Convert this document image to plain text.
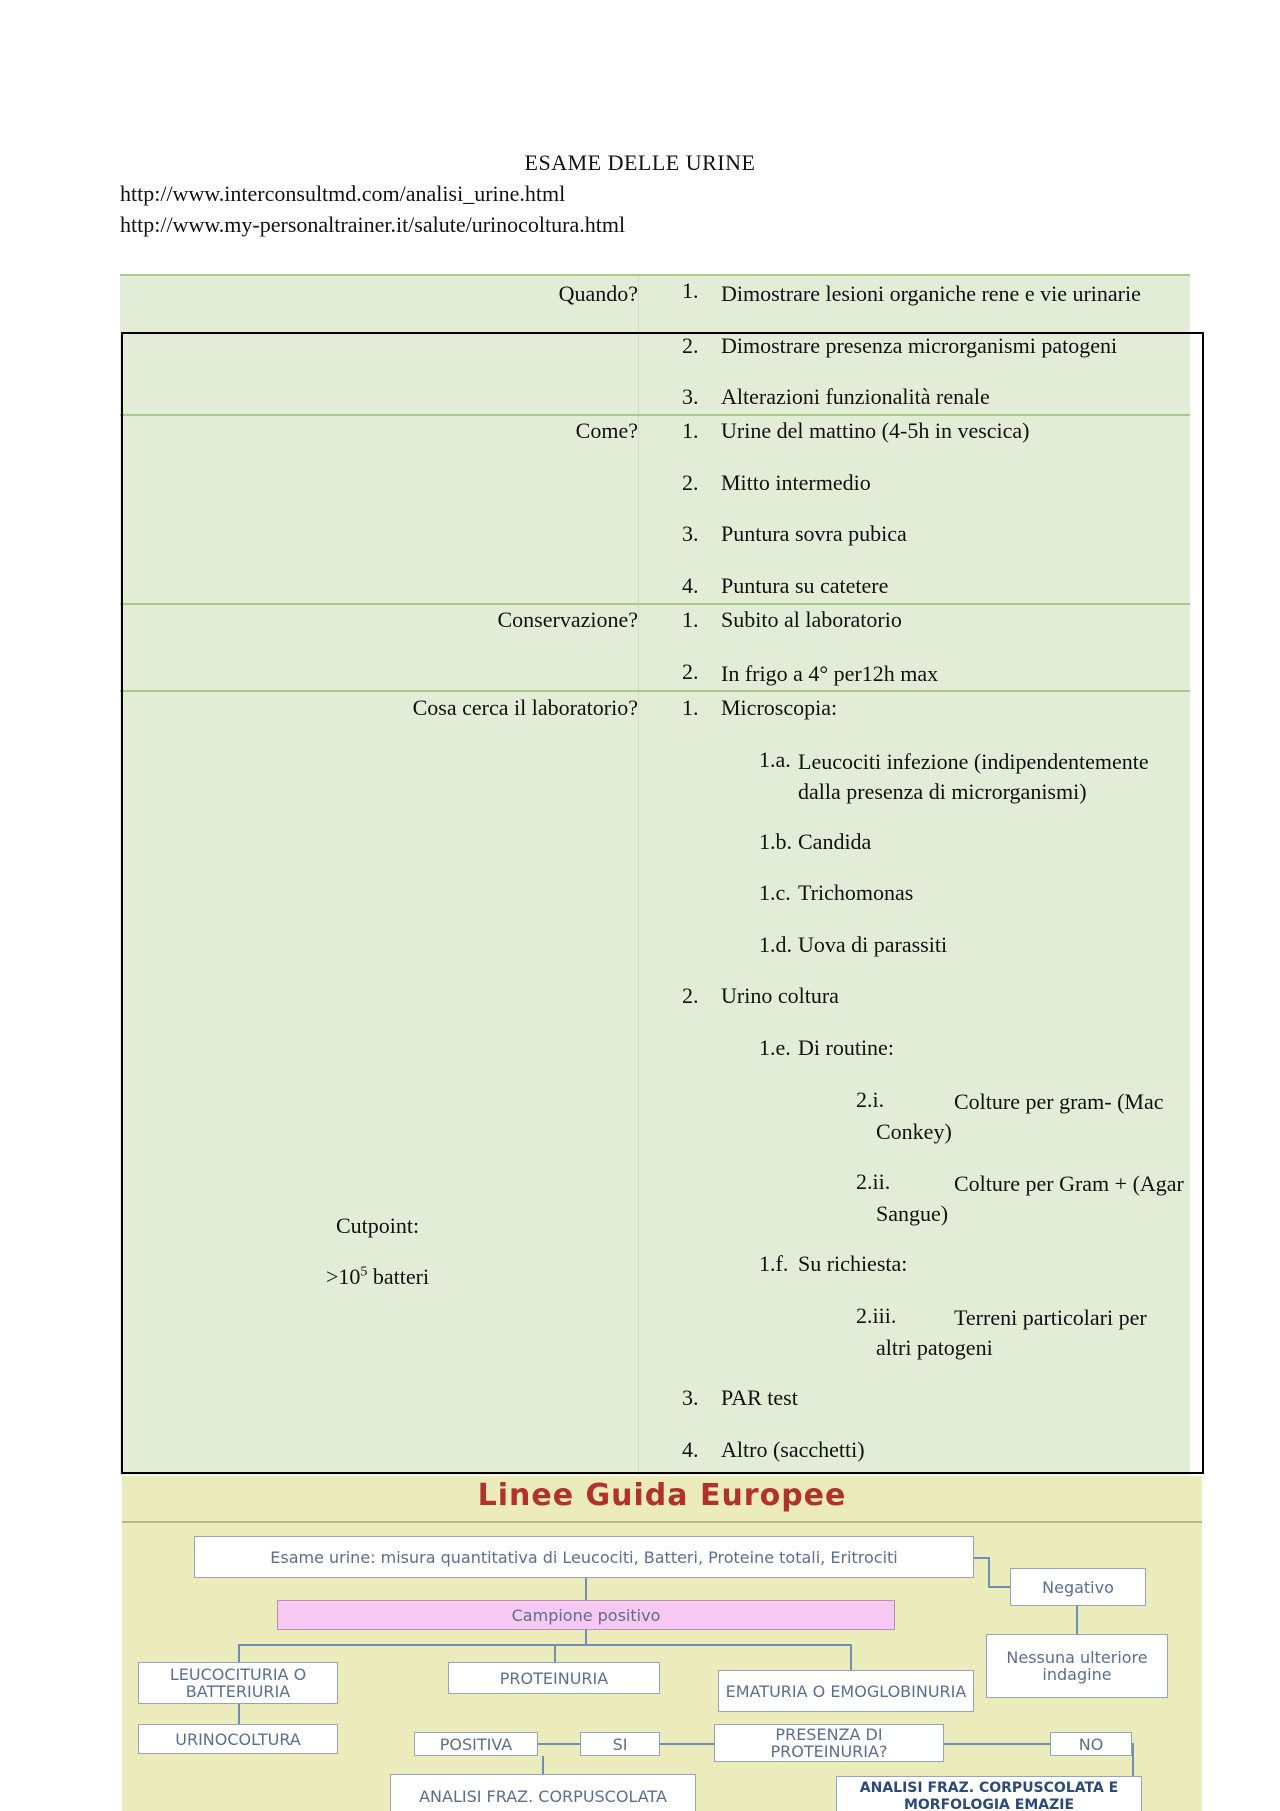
ESAME DELLE URINE
http://www.interconsultmd.com/analisi_urine.html
http://www.my-personaltrainer.it/salute/urinocoltura.html
Quando? 1. Dimostrare lesioni organiche rene e vie urinarie
2. Dimostrare presenza microrganismi patogeni
3. Alterazioni funzionalità renale
Come? 1. Urine del mattino (4-5h in vescica)
2. Mitto intermedio
3. Puntura sovra pubica
4. Puntura su catetere
Conservazione? 1. Subito al laboratorio
2. In frigo a 4° per12h max
Cosa cerca il laboratorio? 1. Microscopia:
1.a. Leucociti infezione (indipendentemente dalla presenza di microrganismi)
1.b. Candida
1.c. Trichomonas
1.d. Uova di parassiti
2. Urino coltura
1.e. Di routine:
2.i.	Colture per gram- (Mac Conkey)
2.ii.	Colture per Gram + (Agar Sangue)
1.f. Su richiesta:
2.iii.	Terreni particolari per altri patogeni
3. PAR test
4. Altro (sacchetti)
Cutpoint:
$>10^5$ batteri
Linee Guida Europee
Esame urine: misura quantitativa di Leucociti, Batteri, Proteine totali, Eritrociti
Negativo
Nessuna ulteriore indagine
Campione positivo
LEUCOCITURIA O BATTERIURIA
PROTEINURIA
EMATURIA O EMOGLOBINURIA
URINOCOLTURA	POSITIVA	SI	PRESENZA DI PROTEINURIA?	NO
ANALISI FRAZ. CORPUSCOLATA	ANALISI FRAZ. CORPUSCOLATA E MORFOLOGIA EMAZIE
